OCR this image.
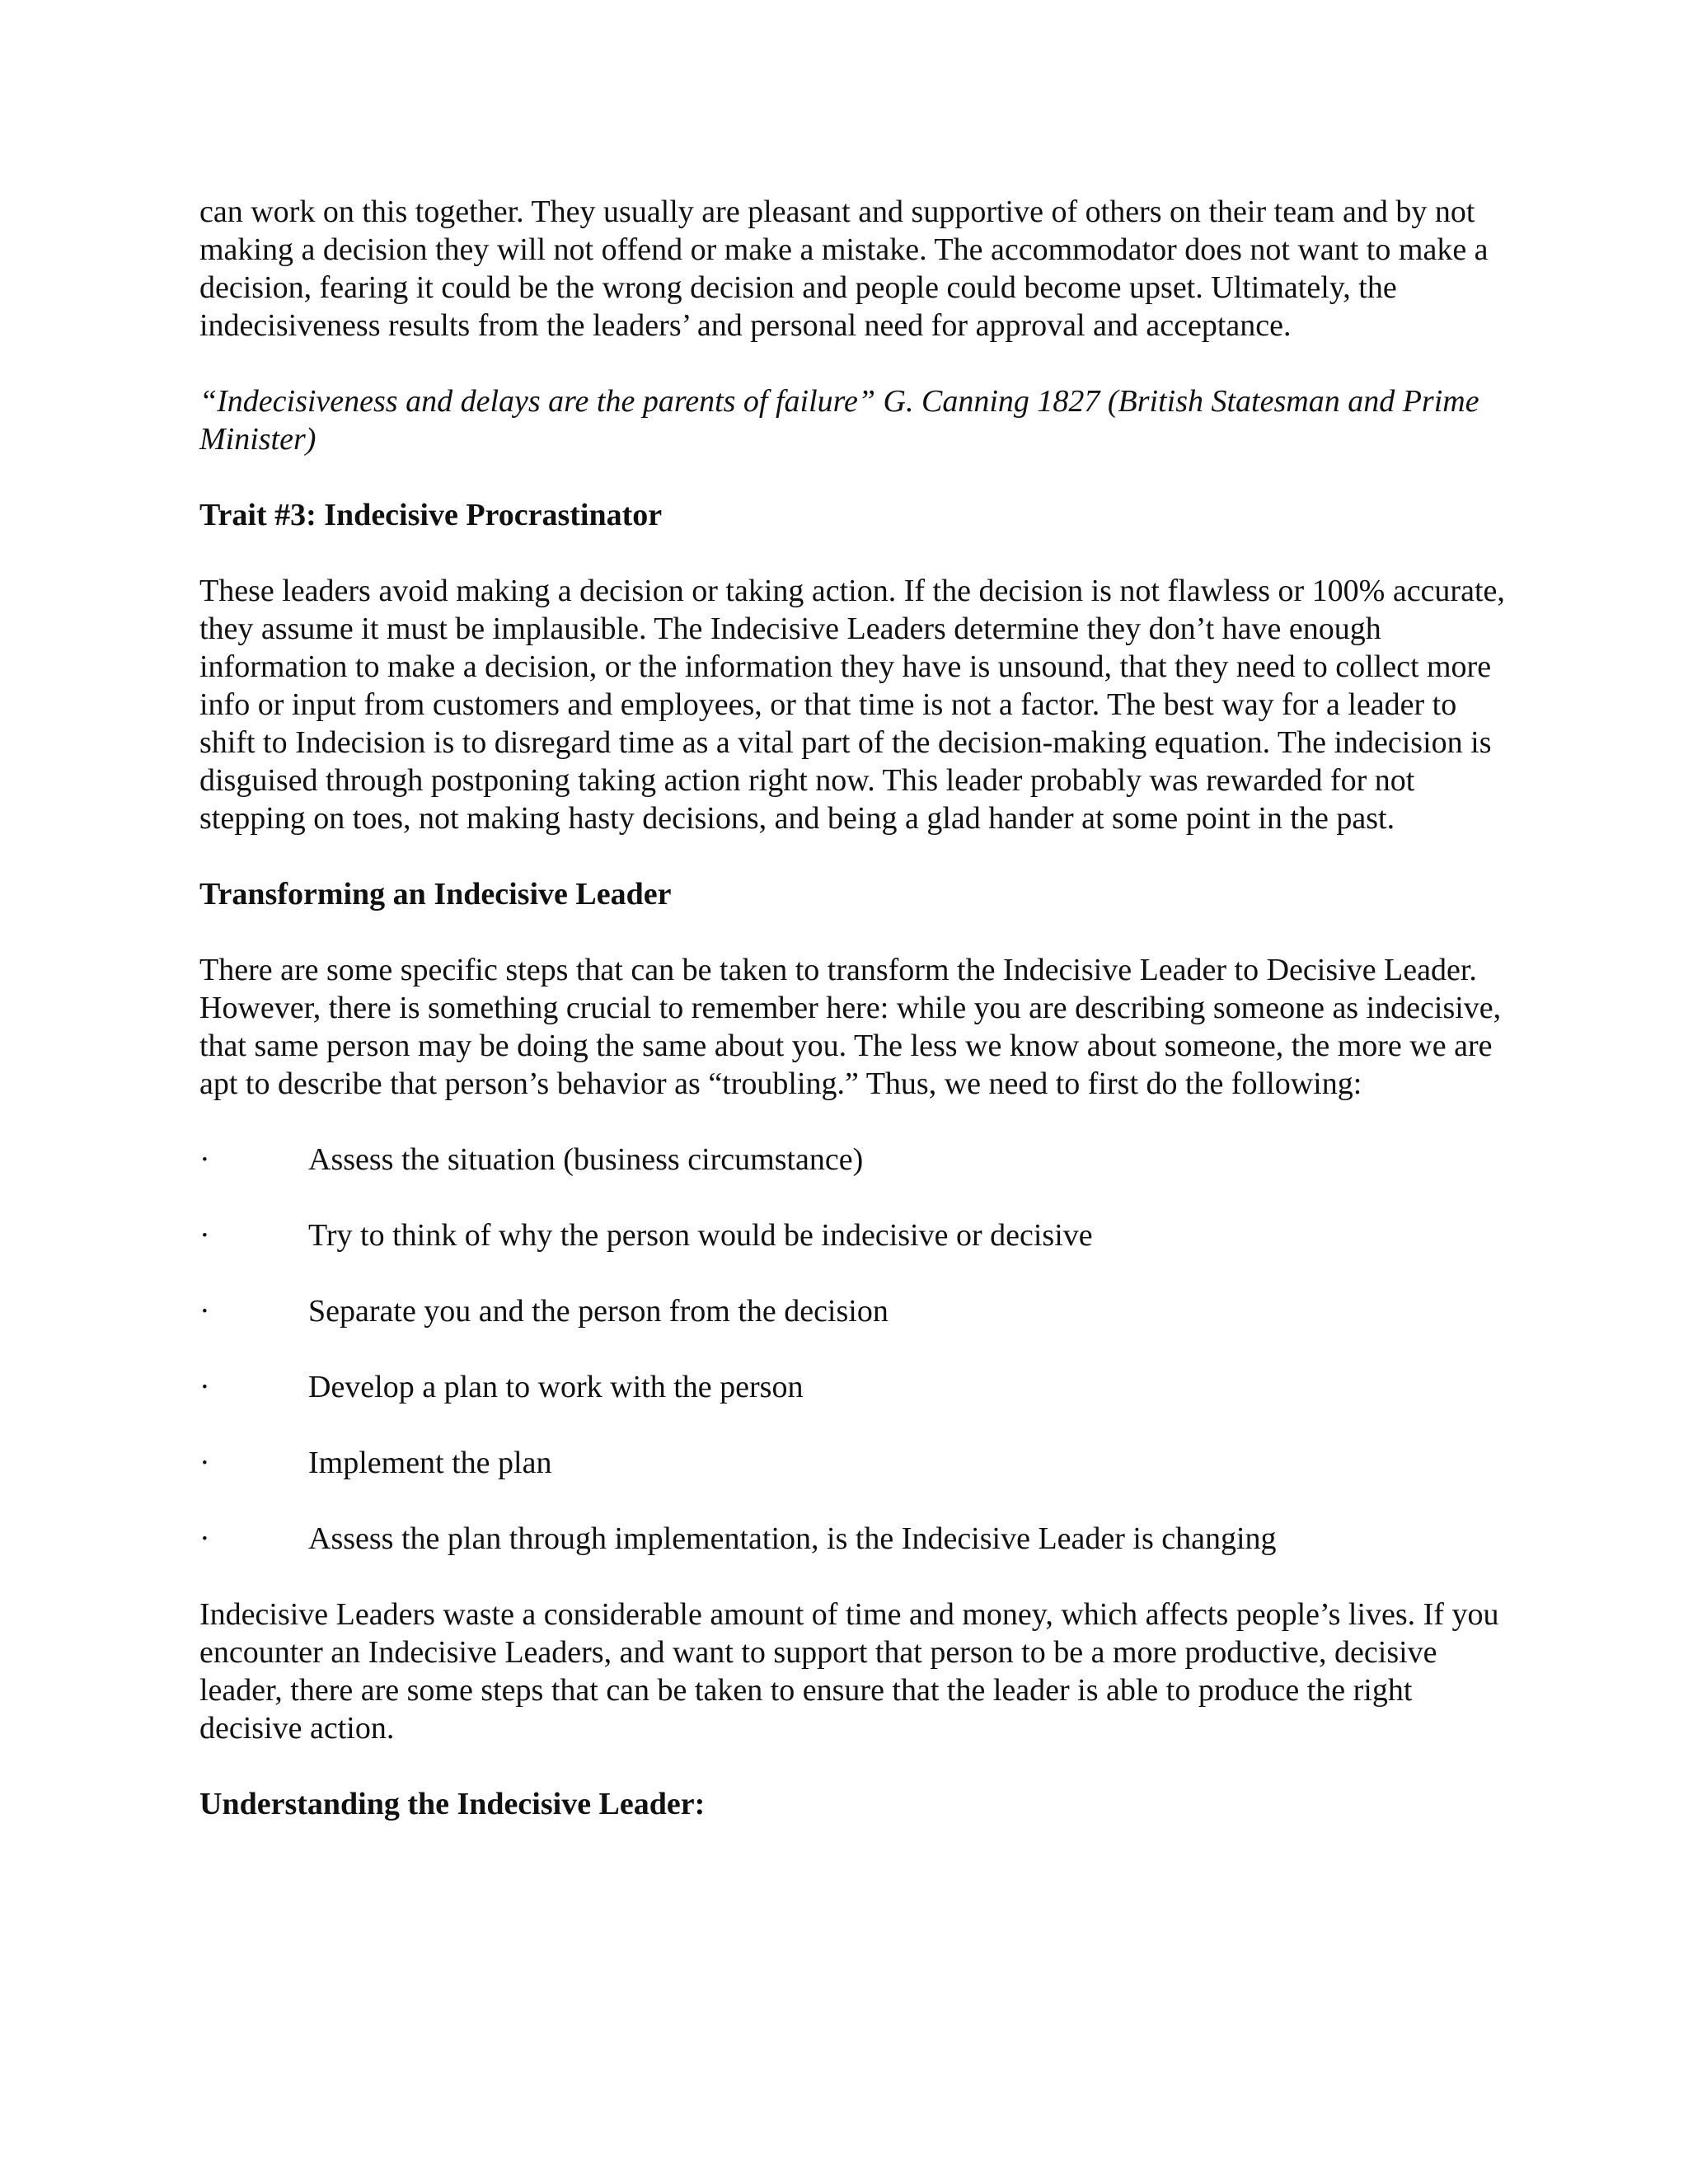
can work on this together. They usually are pleasant and supportive of others on their team and by not making a decision they will not offend or make a mistake. The accommodator does not want to make a decision, fearing it could be the wrong decision and people could become upset. Ultimately, the indecisiveness results from the leaders’ and personal need for approval and acceptance.

“Indecisiveness and delays are the parents of failure” G. Canning 1827 (British Statesman and Prime Minister)

Trait #3: Indecisive Procrastinator

These leaders avoid making a decision or taking action. If the decision is not flawless or 100% accurate, they assume it must be implausible. The Indecisive Leaders determine they don’t have enough information to make a decision, or the information they have is unsound, that they need to collect more info or input from customers and employees, or that time is not a factor. The best way for a leader to shift to Indecision is to disregard time as a vital part of the decision-making equation. The indecision is disguised through postponing taking action right now. This leader probably was rewarded for not stepping on toes, not making hasty decisions, and being a glad hander at some point in the past.

Transforming an Indecisive Leader

There are some specific steps that can be taken to transform the Indecisive Leader to Decisive Leader. However, there is something crucial to remember here: while you are describing someone as indecisive, that same person may be doing the same about you. The less we know about someone, the more we are apt to describe that person’s behavior as “troubling.” Thus, we need to first do the following:

·	Assess the situation (business circumstance)
·	Try to think of why the person would be indecisive or decisive
·	Separate you and the person from the decision
·	Develop a plan to work with the person
·	Implement the plan
·	Assess the plan through implementation, is the Indecisive Leader is changing

Indecisive Leaders waste a considerable amount of time and money, which affects people’s lives. If you encounter an Indecisive Leaders, and want to support that person to be a more productive, decisive leader, there are some steps that can be taken to ensure that the leader is able to produce the right decisive action.

Understanding the Indecisive Leader:
